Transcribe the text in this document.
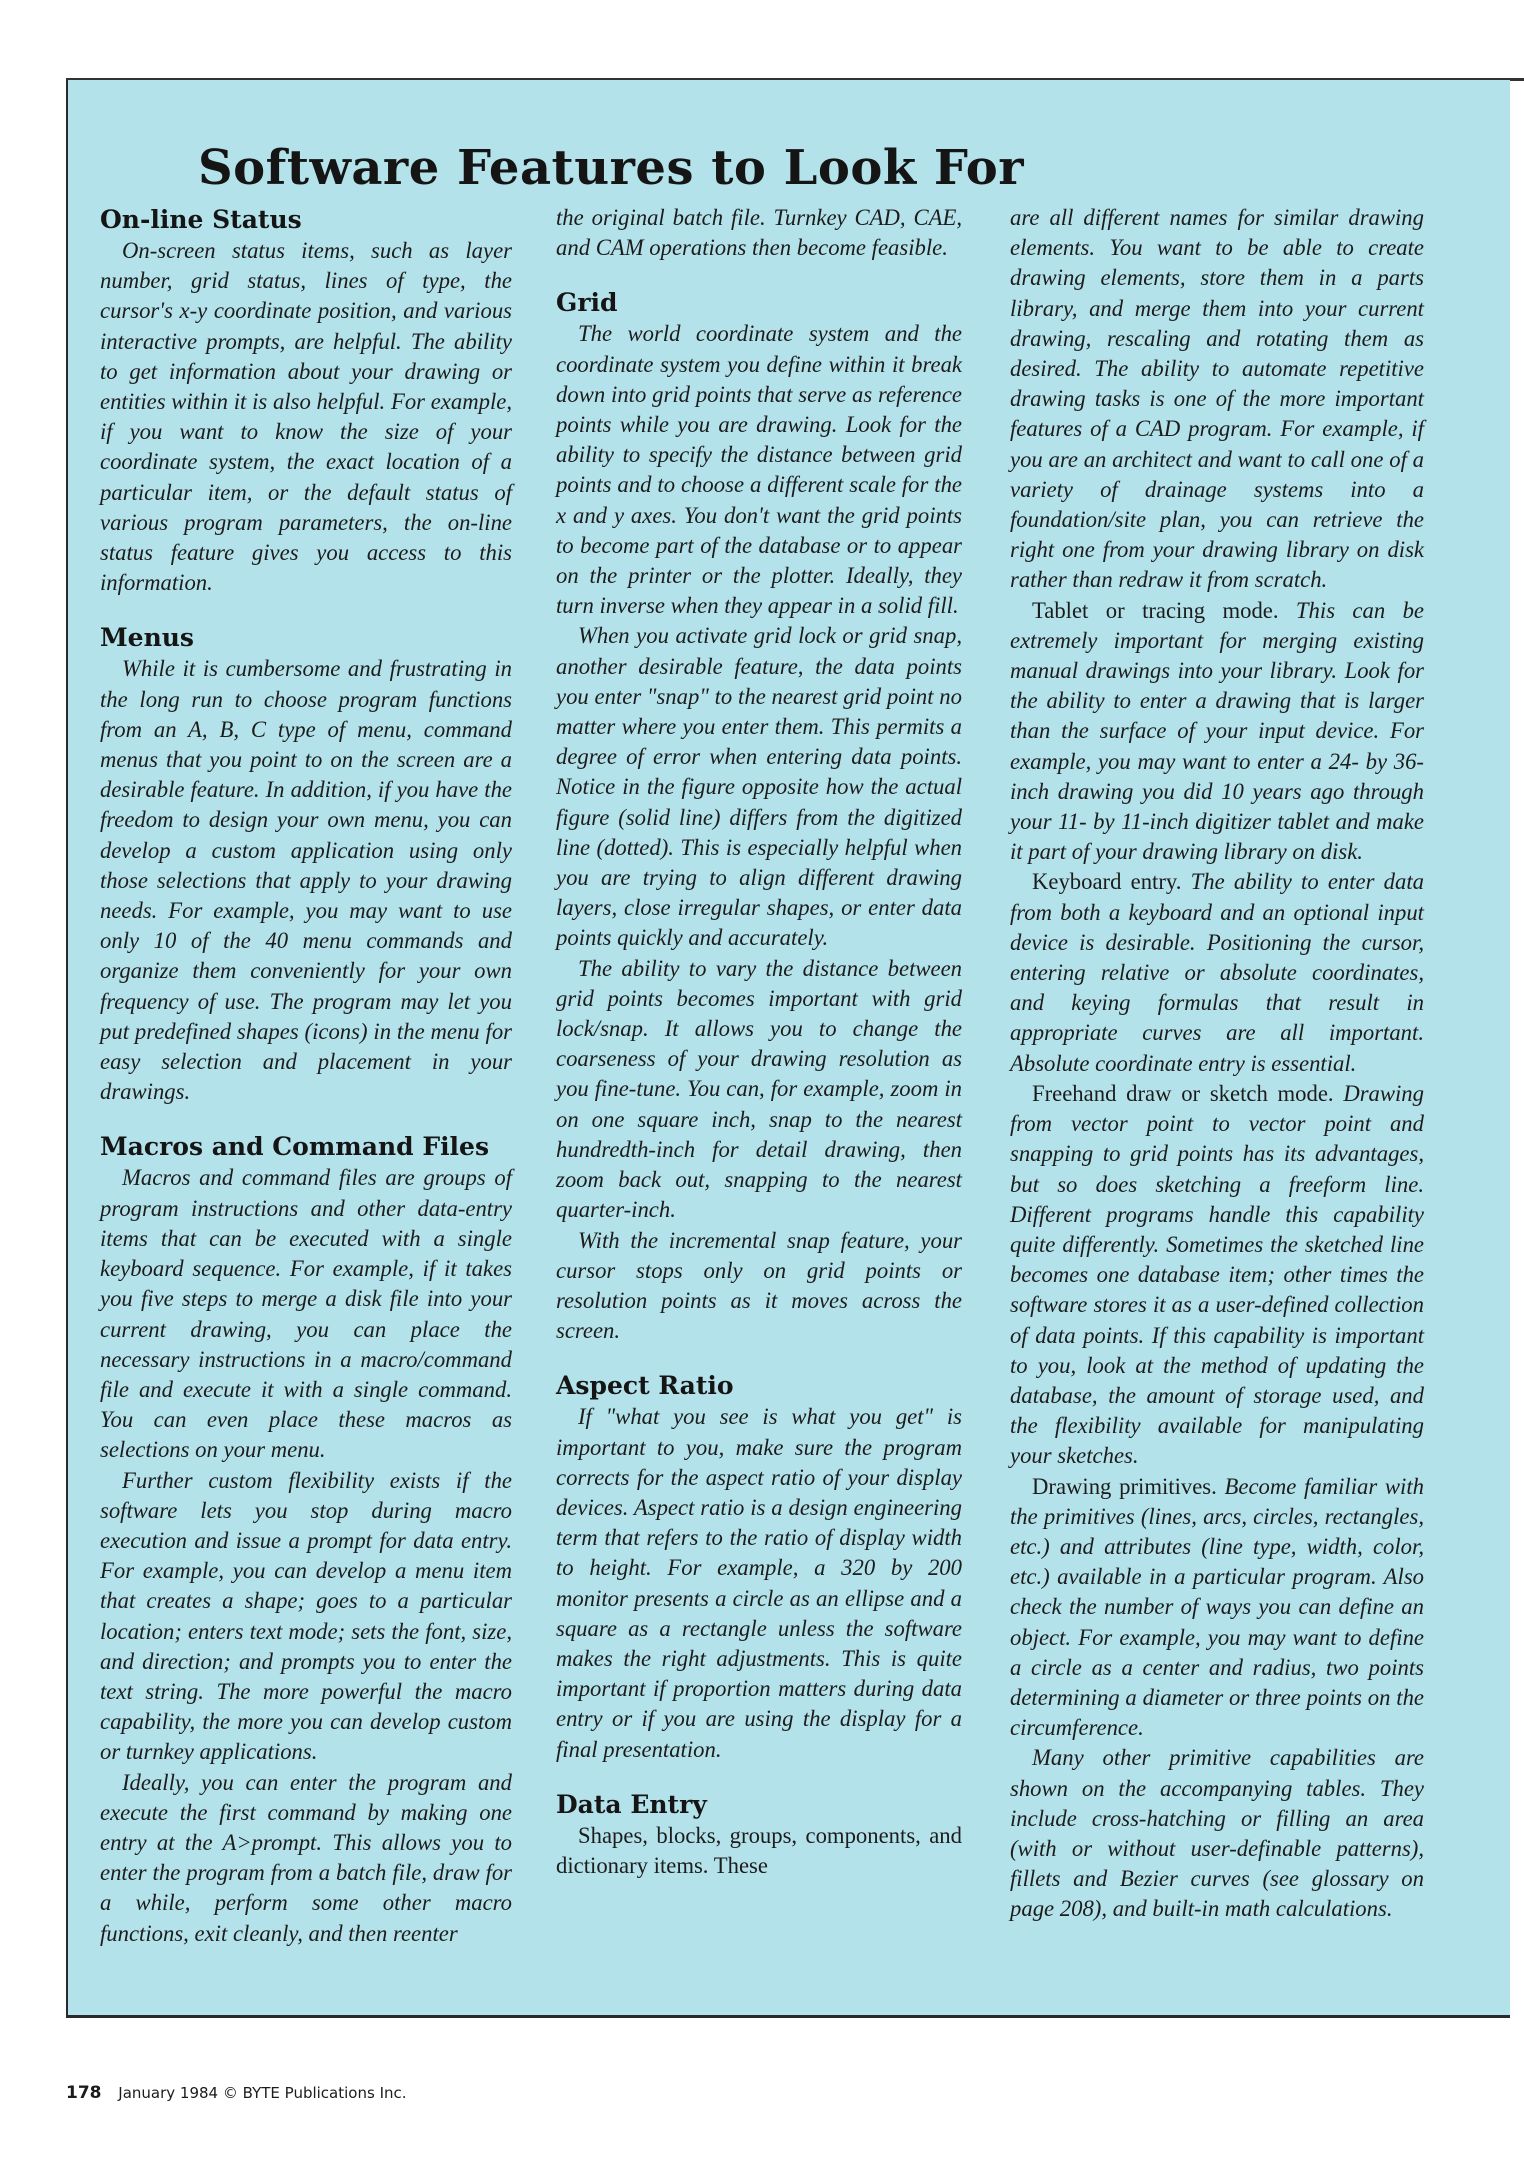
Software Features to Look For
On-line Status

On-screen status items, such as layer number, grid status, lines of type, the cursor's x-y coordinate position, and various interactive prompts, are helpful. The ability to get information about your drawing or entities within it is also helpful. For example, if you want to know the size of your coordinate system, the exact location of a particular item, or the default status of various program parameters, the on-line status feature gives you access to this information.

Menus

While it is cumbersome and frustrating in the long run to choose program functions from an A, B, C type of menu, command menus that you point to on the screen are a desirable feature. In addition, if you have the freedom to design your own menu, you can develop a custom application using only those selections that apply to your drawing needs. For example, you may want to use only 10 of the 40 menu commands and organize them conveniently for your own frequency of use. The program may let you put predefined shapes (icons) in the menu for easy selection and placement in your drawings.

Macros and Command Files

Macros and command files are groups of program instructions and other data-entry items that can be executed with a single keyboard sequence. For example, if it takes you five steps to merge a disk file into your current drawing, you can place the necessary instructions in a macro/command file and execute it with a single command. You can even place these macros as selections on your menu.

Further custom flexibility exists if the software lets you stop during macro execution and issue a prompt for data entry. For example, you can develop a menu item that creates a shape; goes to a particular location; enters text mode; sets the font, size, and direction; and prompts you to enter the text string. The more powerful the macro capability, the more you can develop custom or turnkey applications.

Ideally, you can enter the program and execute the first command by making one entry at the A>prompt. This allows you to enter the program from a batch file, draw for a while, perform some other macro functions, exit cleanly, and then reenter

the original batch file. Turnkey CAD, CAE, and CAM operations then become feasible.

Grid

The world coordinate system and the coordinate system you define within it break down into grid points that serve as reference points while you are drawing. Look for the ability to specify the distance between grid points and to choose a different scale for the x and y axes. You don't want the grid points to become part of the database or to appear on the printer or the plotter. Ideally, they turn inverse when they appear in a solid fill.

When you activate grid lock or grid snap, another desirable feature, the data points you enter "snap" to the nearest grid point no matter where you enter them. This permits a degree of error when entering data points. Notice in the figure opposite how the actual figure (solid line) differs from the digitized line (dotted). This is especially helpful when you are trying to align different drawing layers, close irregular shapes, or enter data points quickly and accurately.

The ability to vary the distance between grid points becomes important with grid lock/snap. It allows you to change the coarseness of your drawing resolution as you fine-tune. You can, for example, zoom in on one square inch, snap to the nearest hundredth-inch for detail drawing, then zoom back out, snapping to the nearest quarter-inch.

With the incremental snap feature, your cursor stops only on grid points or resolution points as it moves across the screen.

Aspect Ratio

If "what you see is what you get" is important to you, make sure the program corrects for the aspect ratio of your display devices. Aspect ratio is a design engineering term that refers to the ratio of display width to height. For example, a 320 by 200 monitor presents a circle as an ellipse and a square as a rectangle unless the software makes the right adjustments. This is quite important if proportion matters during data entry or if you are using the display for a final presentation.

Data Entry

Shapes, blocks, groups, components, and dictionary items. These

are all different names for similar drawing elements. You want to be able to create drawing elements, store them in a parts library, and merge them into your current drawing, rescaling and rotating them as desired. The ability to automate repetitive drawing tasks is one of the more important features of a CAD program. For example, if you are an architect and want to call one of a variety of drainage systems into a foundation/site plan, you can retrieve the right one from your drawing library on disk rather than redraw it from scratch.

Tablet or tracing mode. This can be extremely important for merging existing manual drawings into your library. Look for the ability to enter a drawing that is larger than the surface of your input device. For example, you may want to enter a 24- by 36-inch drawing you did 10 years ago through your 11- by 11-inch digitizer tablet and make it part of your drawing library on disk.

Keyboard entry. The ability to enter data from both a keyboard and an optional input device is desirable. Positioning the cursor, entering relative or absolute coordinates, and keying formulas that result in appropriate curves are all important. Absolute coordinate entry is essential.

Freehand draw or sketch mode. Drawing from vector point to vector point and snapping to grid points has its advantages, but so does sketching a freeform line. Different programs handle this capability quite differently. Sometimes the sketched line becomes one database item; other times the software stores it as a user-defined collection of data points. If this capability is important to you, look at the method of updating the database, the amount of storage used, and the flexibility available for manipulating your sketches.

Drawing primitives. Become familiar with the primitives (lines, arcs, circles, rectangles, etc.) and attributes (line type, width, color, etc.) available in a particular program. Also check the number of ways you can define an object. For example, you may want to define a circle as a center and radius, two points determining a diameter or three points on the circumference.

Many other primitive capabilities are shown on the accompanying tables. They include cross-hatching or filling an area (with or without user-definable patterns), fillets and Bezier curves (see glossary on page 208), and built-in math calculations.

178 January 1984 © BYTE Publications Inc.
